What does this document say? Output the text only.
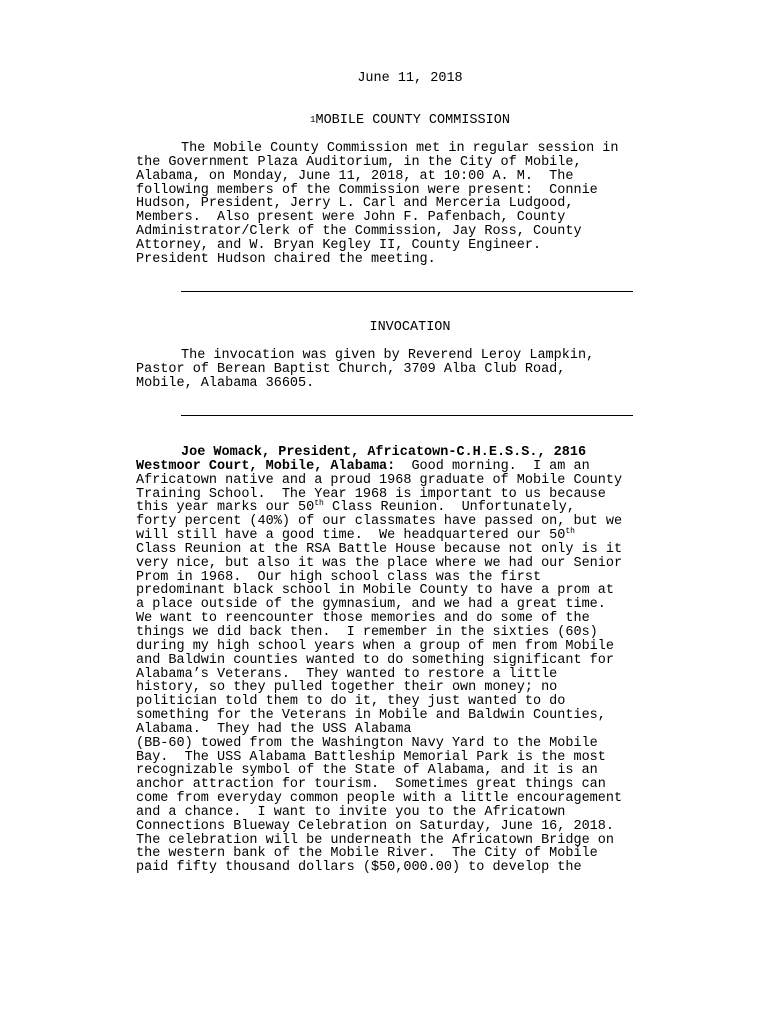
June 11, 2018
1MOBILE COUNTY COMMISSION
The Mobile County Commission met in regular session in
the Government Plaza Auditorium, in the City of Mobile,
Alabama, on Monday, June 11, 2018, at 10:00 A. M.  The
following members of the Commission were present:  Connie
Hudson, President, Jerry L. Carl and Merceria Ludgood,
Members.  Also present were John F. Pafenbach, County
Administrator/Clerk of the Commission, Jay Ross, County
Attorney, and W. Bryan Kegley II, County Engineer.
President Hudson chaired the meeting.
INVOCATION
The invocation was given by Reverend Leroy Lampkin,
Pastor of Berean Baptist Church, 3709 Alba Club Road,
Mobile, Alabama 36605.
Joe Womack, President, Africatown-C.H.E.S.S., 2816
Westmoor Court, Mobile, Alabama:  Good morning.  I am an
Africatown native and a proud 1968 graduate of Mobile County
Training School.  The Year 1968 is important to us because
this year marks our 50th Class Reunion.  Unfortunately,
forty percent (40%) of our classmates have passed on, but we
will still have a good time.  We headquartered our 50th
Class Reunion at the RSA Battle House because not only is it
very nice, but also it was the place where we had our Senior
Prom in 1968.  Our high school class was the first
predominant black school in Mobile County to have a prom at
a place outside of the gymnasium, and we had a great time.
We want to reencounter those memories and do some of the
things we did back then.  I remember in the sixties (60s)
during my high school years when a group of men from Mobile
and Baldwin counties wanted to do something significant for
Alabama’s Veterans.  They wanted to restore a little
history, so they pulled together their own money; no
politician told them to do it, they just wanted to do
something for the Veterans in Mobile and Baldwin Counties,
Alabama.  They had the USS Alabama
(BB-60) towed from the Washington Navy Yard to the Mobile
Bay.  The USS Alabama Battleship Memorial Park is the most
recognizable symbol of the State of Alabama, and it is an
anchor attraction for tourism.  Sometimes great things can
come from everyday common people with a little encouragement
and a chance.  I want to invite you to the Africatown
Connections Blueway Celebration on Saturday, June 16, 2018.
The celebration will be underneath the Africatown Bridge on
the western bank of the Mobile River.  The City of Mobile
paid fifty thousand dollars ($50,000.00) to develop the
